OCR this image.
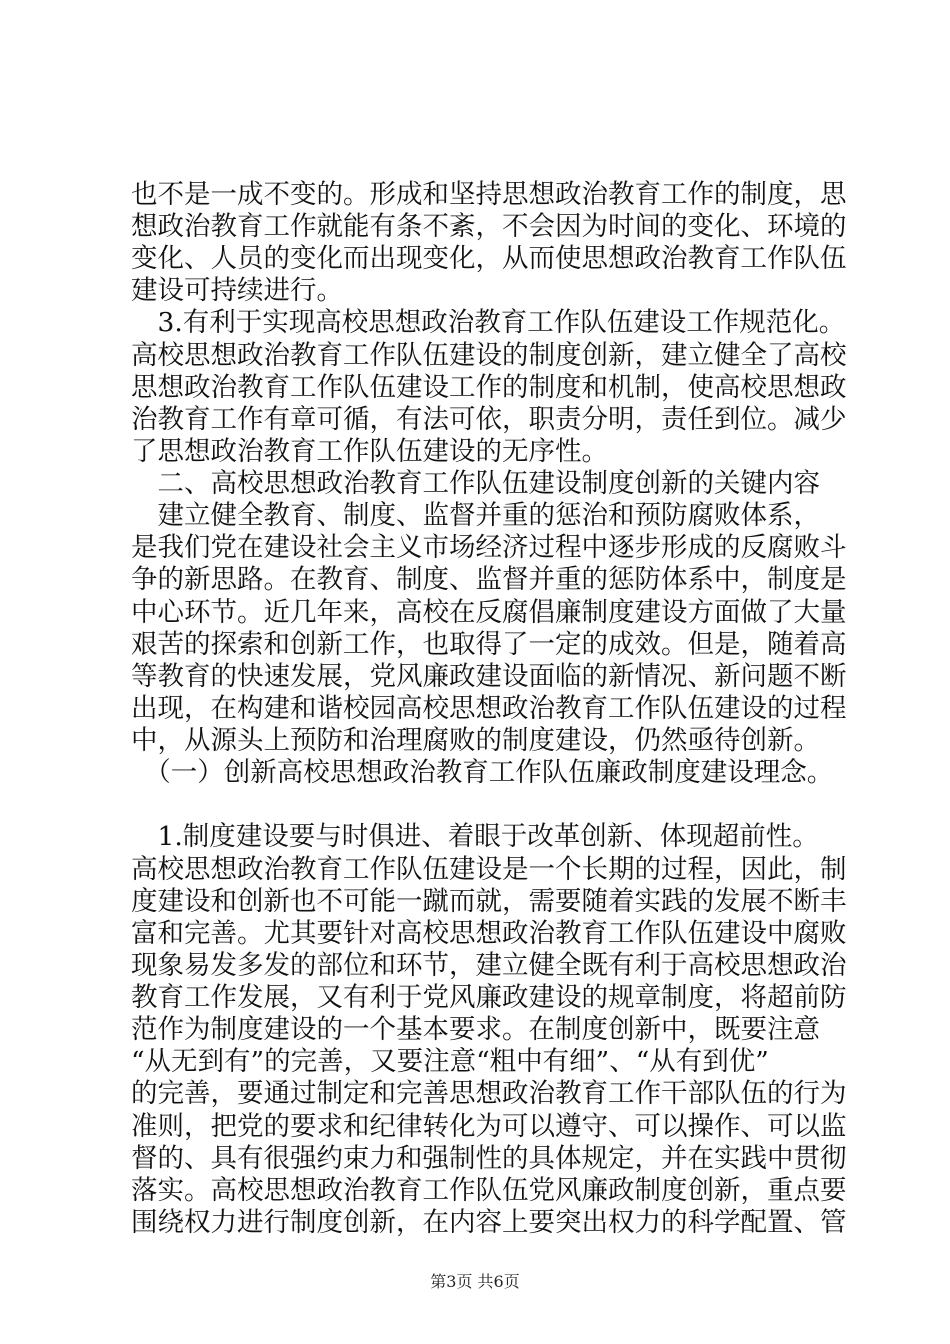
也不是一成不变的。形成和坚持思想政治教育工作的制度，思
想政治教育工作就能有条不紊，不会因为时间的变化、环境的
变化、人员的变化而出现变化，从而使思想政治教育工作队伍
建设可持续进行。
　3.有利于实现高校思想政治教育工作队伍建设工作规范化。
高校思想政治教育工作队伍建设的制度创新，建立健全了高校
思想政治教育工作队伍建设工作的制度和机制，使高校思想政
治教育工作有章可循，有法可依，职责分明，责任到位。减少
了思想政治教育工作队伍建设的无序性。
　二、高校思想政治教育工作队伍建设制度创新的关键内容
　建立健全教育、制度、监督并重的惩治和预防腐败体系，
是我们党在建设社会主义市场经济过程中逐步形成的反腐败斗
争的新思路。在教育、制度、监督并重的惩防体系中，制度是
中心环节。近几年来，高校在反腐倡廉制度建设方面做了大量
艰苦的探索和创新工作，也取得了一定的成效。但是，随着高
等教育的快速发展，党风廉政建设面临的新情况、新问题不断
出现，在构建和谐校园高校思想政治教育工作队伍建设的过程
中，从源头上预防和治理腐败的制度建设，仍然亟待创新。
　（一）创新高校思想政治教育工作队伍廉政制度建设理念。
　1.制度建设要与时俱进、着眼于改革创新、体现超前性。
高校思想政治教育工作队伍建设是一个长期的过程，因此，制
度建设和创新也不可能一蹴而就，需要随着实践的发展不断丰
富和完善。尤其要针对高校思想政治教育工作队伍建设中腐败
现象易发多发的部位和环节，建立健全既有利于高校思想政治
教育工作发展，又有利于党风廉政建设的规章制度，将超前防
范作为制度建设的一个基本要求。在制度创新中，既要注意
“从无到有”的完善，又要注意“粗中有细”、“从有到优”
的完善，要通过制定和完善思想政治教育工作干部队伍的行为
准则，把党的要求和纪律转化为可以遵守、可以操作、可以监
督的、具有很强约束力和强制性的具体规定，并在实践中贯彻
落实。高校思想政治教育工作队伍党风廉政制度创新，重点要
围绕权力进行制度创新，在内容上要突出权力的科学配置、管
第3页 共6页
